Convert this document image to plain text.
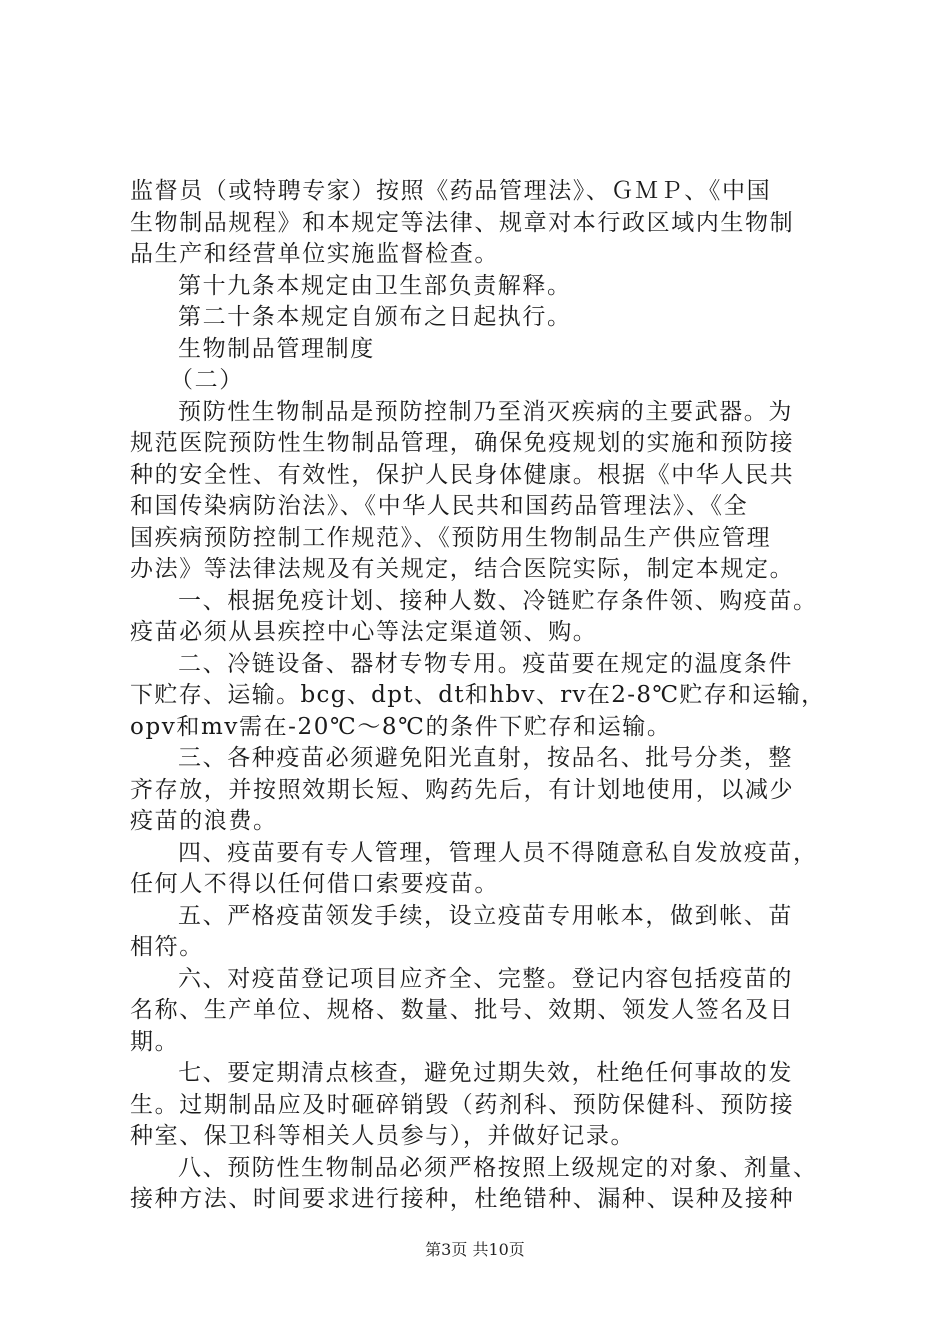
监督员（或特聘专家）按照《药品管理法》、ＧＭＰ、《中国
生物制品规程》和本规定等法律、规章对本行政区域内生物制
品生产和经营单位实施监督检查。
第十九条本规定由卫生部负责解释。
第二十条本规定自颁布之日起执行。
生物制品管理制度
（二）
预防性生物制品是预防控制乃至消灭疾病的主要武器。为
规范医院预防性生物制品管理，确保免疫规划的实施和预防接
种的安全性、有效性，保护人民身体健康。根据《中华人民共
和国传染病防治法》、《中华人民共和国药品管理法》、《全
国疾病预防控制工作规范》、《预防用生物制品生产供应管理
办法》等法律法规及有关规定，结合医院实际，制定本规定。
一、根据免疫计划、接种人数、冷链贮存条件领、购疫苗。
疫苗必须从县疾控中心等法定渠道领、购。
二、冷链设备、器材专物专用。疫苗要在规定的温度条件
下贮存、运输。bcg、dpt、dt和hbv、rv在2-8℃贮存和运输，
opv和mv需在-20℃～8℃的条件下贮存和运输。
三、各种疫苗必须避免阳光直射，按品名、批号分类，整
齐存放，并按照效期长短、购药先后，有计划地使用，以减少
疫苗的浪费。
四、疫苗要有专人管理，管理人员不得随意私自发放疫苗，
任何人不得以任何借口索要疫苗。
五、严格疫苗领发手续，设立疫苗专用帐本，做到帐、苗
相符。
六、对疫苗登记项目应齐全、完整。登记内容包括疫苗的
名称、生产单位、规格、数量、批号、效期、领发人签名及日
期。
七、要定期清点核查，避免过期失效，杜绝任何事故的发
生。过期制品应及时砸碎销毁（药剂科、预防保健科、预防接
种室、保卫科等相关人员参与），并做好记录。
八、预防性生物制品必须严格按照上级规定的对象、剂量、
接种方法、时间要求进行接种，杜绝错种、漏种、误种及接种
第3页 共10页
